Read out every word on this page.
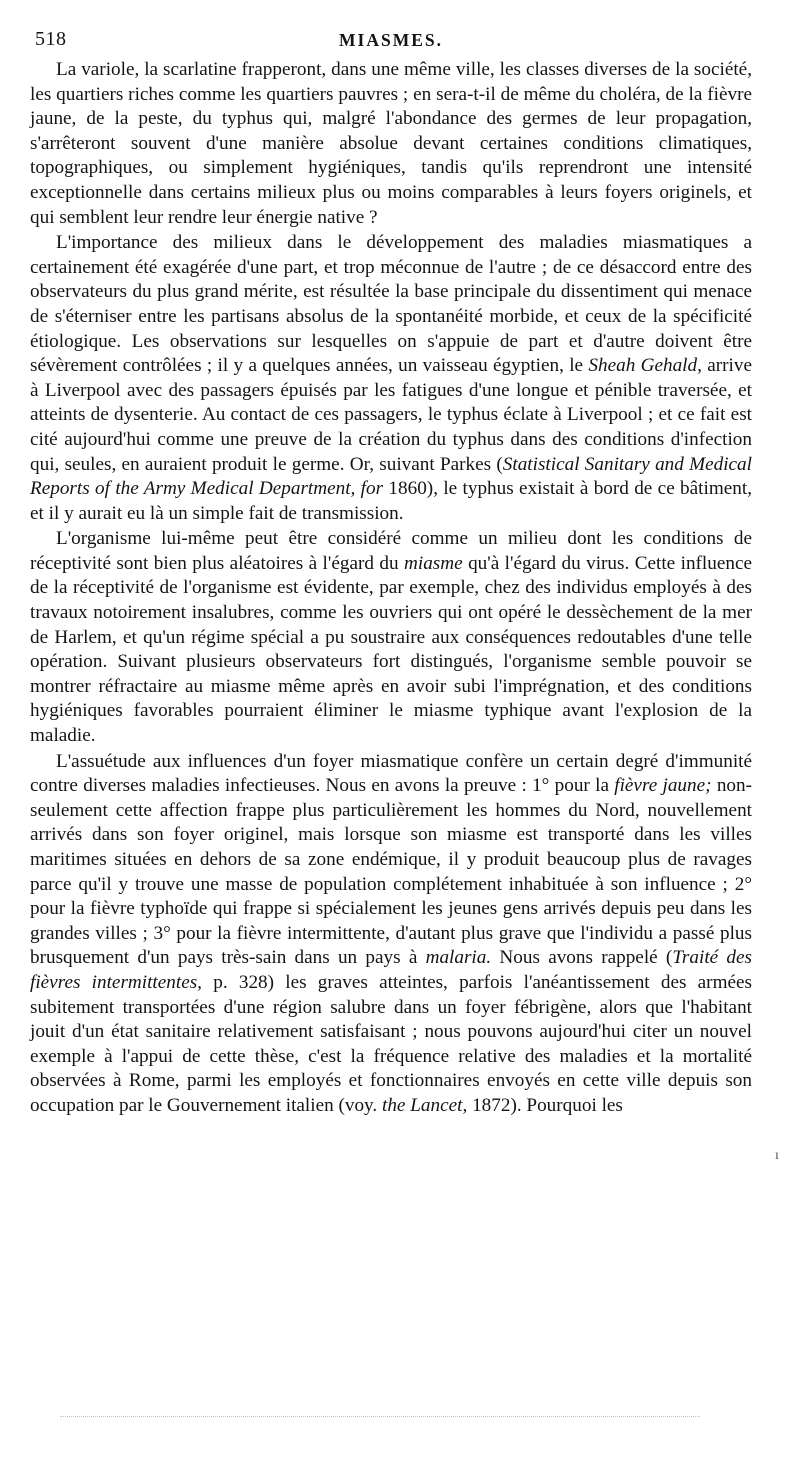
518	MIASMES.

La variole, la scarlatine frapperont, dans une même ville, les classes diverses de la société, les quartiers riches comme les quartiers pauvres ; en sera-t-il de même du choléra, de la fièvre jaune, de la peste, du typhus qui, malgré l'abondance des germes de leur propagation, s'arrêteront souvent d'une manière absolue devant certaines conditions climatiques, topographiques, ou simplement hygiéniques, tandis qu'ils reprendront une intensité exceptionnelle dans certains milieux plus ou moins comparables à leurs foyers originels, et qui semblent leur rendre leur énergie native ?

L'importance des milieux dans le développement des maladies miasmatiques a certainement été exagérée d'une part, et trop méconnue de l'autre ; de ce désaccord entre des observateurs du plus grand mérite, est résultée la base principale du dissentiment qui menace de s'éterniser entre les partisans absolus de la spontanéité morbide, et ceux de la spécificité étiologique. Les observations sur lesquelles on s'appuie de part et d'autre doivent être sévèrement contrôlées ; il y a quelques années, un vaisseau égyptien, le Sheah Gehald, arrive à Liverpool avec des passagers épuisés par les fatigues d'une longue et pénible traversée, et atteints de dysenterie. Au contact de ces passagers, le typhus éclate à Liverpool ; et ce fait est cité aujourd'hui comme une preuve de la création du typhus dans des conditions d'infection qui, seules, en auraient produit le germe. Or, suivant Parkes (Statistical Sanitary and Medical Reports of the Army Medical Department, for 1860), le typhus existait à bord de ce bâtiment, et il y aurait eu là un simple fait de transmission.

L'organisme lui-même peut être considéré comme un milieu dont les conditions de réceptivité sont bien plus aléatoires à l'égard du miasme qu'à l'égard du virus. Cette influence de la réceptivité de l'organisme est évidente, par exemple, chez des individus employés à des travaux notoirement insalubres, comme les ouvriers qui ont opéré le dessèchement de la mer de Harlem, et qu'un régime spécial a pu soustraire aux conséquences redoutables d'une telle opération. Suivant plusieurs observateurs fort distingués, l'organisme semble pouvoir se montrer réfractaire au miasme même après en avoir subi l'imprégnation, et des conditions hygiéniques favorables pourraient éliminer le miasme typhique avant l'explosion de la maladie.

L'assuétude aux influences d'un foyer miasmatique confère un certain degré d'immunité contre diverses maladies infectieuses. Nous en avons la preuve : 1° pour la fièvre jaune; non-seulement cette affection frappe plus particulièrement les hommes du Nord, nouvellement arrivés dans son foyer originel, mais lorsque son miasme est transporté dans les villes maritimes situées en dehors de sa zone endémique, il y produit beaucoup plus de ravages parce qu'il y trouve une masse de population complétement inhabituée à son influence ; 2° pour la fièvre typhoïde qui frappe si spécialement les jeunes gens arrivés depuis peu dans les grandes villes ; 3° pour la fièvre intermittente, d'autant plus grave que l'individu a passé plus brusquement d'un pays très-sain dans un pays à malaria. Nous avons rappelé (Traité des fièvres intermittentes, p. 328) les graves atteintes, parfois l'anéantissement des armées subitement transportées d'une région salubre dans un foyer fébrigène, alors que l'habitant jouit d'un état sanitaire relativement satisfaisant ; nous pouvons aujourd'hui citer un nouvel exemple à l'appui de cette thèse, c'est la fréquence relative des maladies et la mortalité observées à Rome, parmi les employés et fonctionnaires envoyés en cette ville depuis son occupation par le Gouvernement italien (voy. the Lancet, 1872). Pourquoi les

ı
